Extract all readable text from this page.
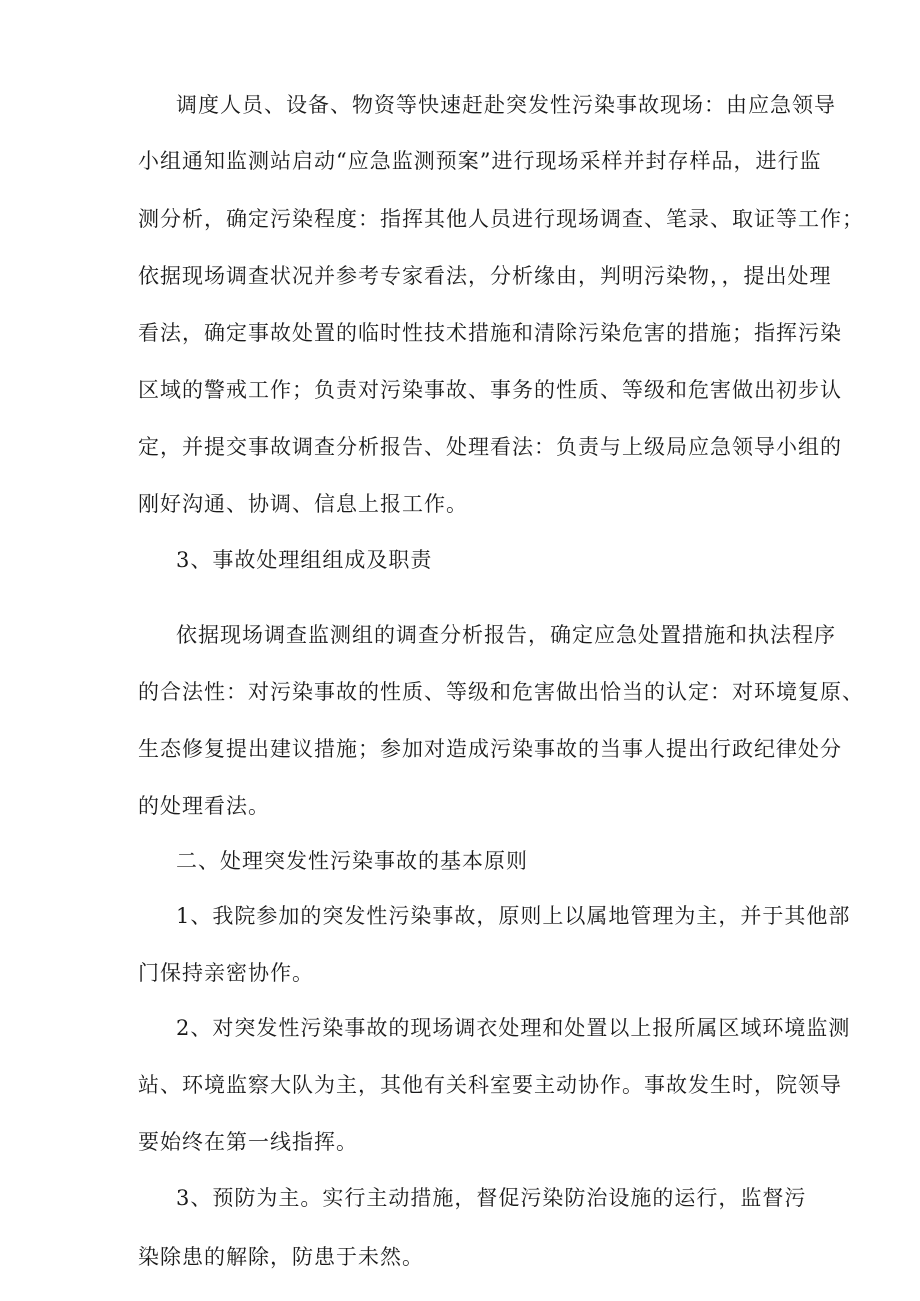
调度人员、设备、物资等快速赶赴突发性污染事故现场：由应急领导

小组通知监测站启动“应急监测预案”进行现场采样并封存样品，进行监

测分析，确定污染程度：指挥其他人员进行现场调查、笔录、取证等工作；

依据现场调查状况并参考专家看法，分析缘由，判明污染物，，提出处理

看法，确定事故处置的临时性技术措施和清除污染危害的措施；指挥污染

区域的警戒工作；负责对污染事故、事务的性质、等级和危害做出初步认

定，并提交事故调查分析报告、处理看法：负责与上级局应急领导小组的

刚好沟通、协调、信息上报工作。

3、事故处理组组成及职责

依据现场调查监测组的调查分析报告，确定应急处置措施和执法程序

的合法性：对污染事故的性质、等级和危害做出恰当的认定：对环境复原、

生态修复提出建议措施；参加对造成污染事故的当事人提出行政纪律处分

的处理看法。

二、处理突发性污染事故的基本原则

1、我院参加的突发性污染事故，原则上以属地管理为主，并于其他部

门保持亲密协作。

2、对突发性污染事故的现场调衣处理和处置以上报所属区域环境监测

站、环境监察大队为主，其他有关科室要主动协作。事故发生时，院领导

要始终在第一线指挥。

3、预防为主。实行主动措施，督促污染防治设施的运行，监督污

染除患的解除，防患于未然。
